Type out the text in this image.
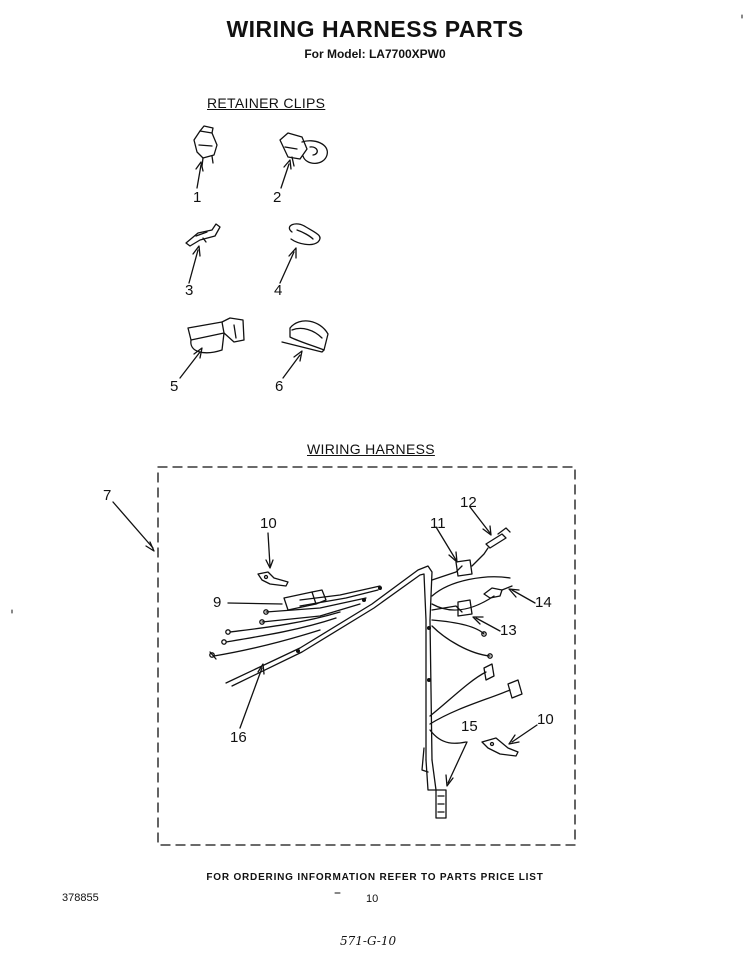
WIRING HARNESS PARTS
For Model: LA7700XPW0
RETAINER CLIPS
WIRING HARNESS
1	2
3	4
5	6
7
10
9
11
12
14
13
10
15
16
FOR ORDERING INFORMATION REFER TO PARTS PRICE LIST
378855	10
571-G-10
